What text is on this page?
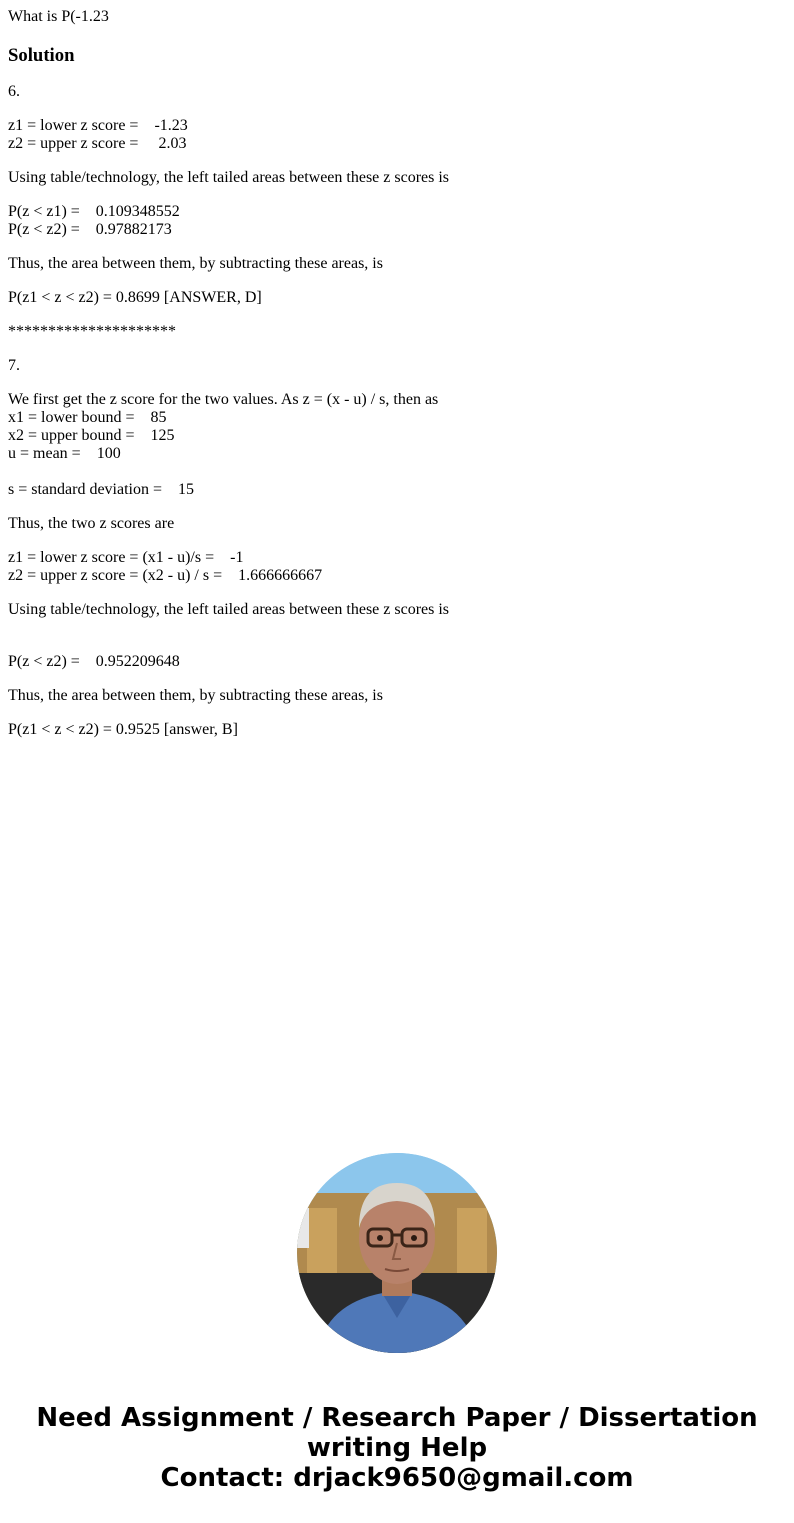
What is P(-1.23
Solution
6.
z1 = lower z score =    -1.23
z2 = upper z score =     2.03
Using table/technology, the left tailed areas between these z scores is
P(z < z1) =    0.109348552
P(z < z2) =    0.97882173
Thus, the area between them, by subtracting these areas, is
P(z1 < z < z2) = 0.8699 [ANSWER, D]
*********************
7.
We first get the z score for the two values. As z = (x - u) / s, then as
x1 = lower bound =    85
x2 = upper bound =    125
u = mean =    100
s = standard deviation =    15
Thus, the two z scores are
z1 = lower z score = (x1 - u)/s =    -1
z2 = upper z score = (x2 - u) / s =    1.666666667
Using table/technology, the left tailed areas between these z scores is
P(z < z2) =    0.952209648
Thus, the area between them, by subtracting these areas, is
P(z1 < z < z2) = 0.9525 [answer, B]
Need Assignment / Research Paper / Dissertation
writing Help
Contact: drjack9650@gmail.com
